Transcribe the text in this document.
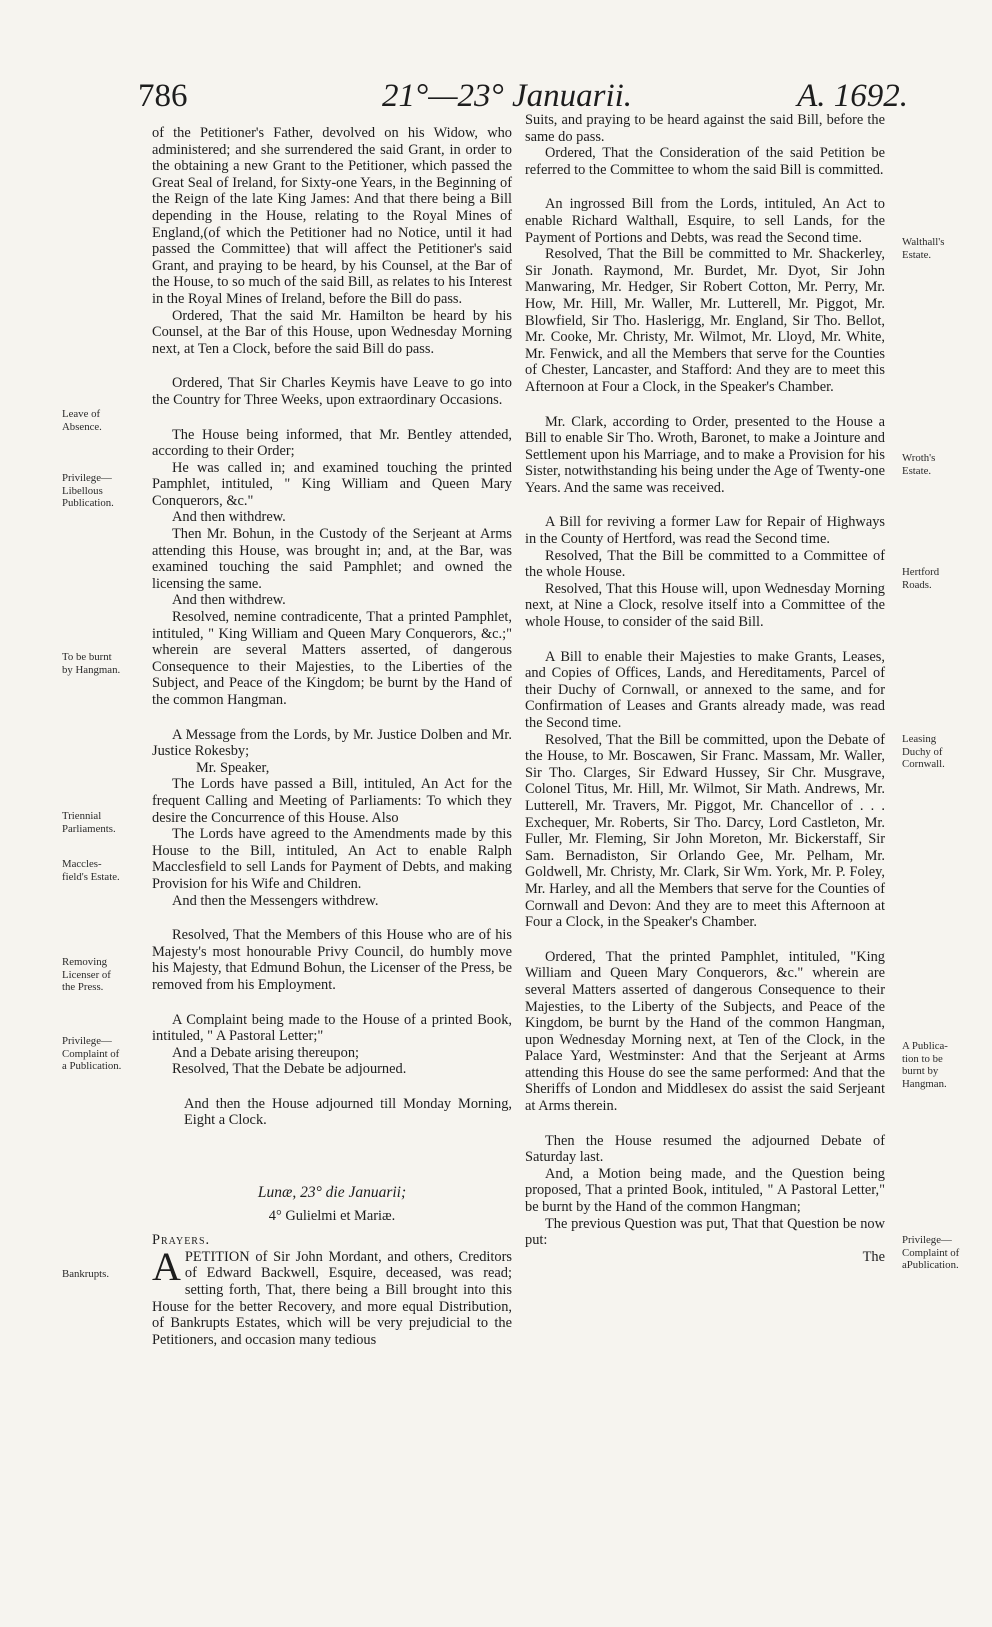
786	21°—23° Januarii.	A. 1692.

of the Petitioner's Father, devolved on his Widow, who administered; and she surrendered the said Grant, in order to the obtaining a new Grant to the Petitioner, which passed the Great Seal of Ireland, for Sixty-one Years, in the Beginning of the Reign of the late King James: And that there being a Bill depending in the House, relating to the Royal Mines of England,(of which the Petitioner had no Notice, until it had passed the Committee) that will affect the Petitioner's said Grant, and praying to be heard, by his Counsel, at the Bar of the House, to so much of the said Bill, as relates to his Interest in the Royal Mines of Ireland, before the Bill do pass.

Ordered, That the said Mr. Hamilton be heard by his Counsel, at the Bar of this House, upon Wednesday Morning next, at Ten a Clock, before the said Bill do pass.

Ordered, That Sir Charles Keymis have Leave to go into the Country for Three Weeks, upon extraordinary Occasions.

The House being informed, that Mr. Bentley attended, according to their Order;

He was called in; and examined touching the printed Pamphlet, intituled, " King William and Queen Mary Conquerors, &c."

And then withdrew.

Then Mr. Bohun, in the Custody of the Serjeant at Arms attending this House, was brought in; and, at the Bar, was examined touching the said Pamphlet; and owned the licensing the same.

And then withdrew.

Resolved, nemine contradicente, That a printed Pamphlet, intituled, " King William and Queen Mary Conquerors, &c.;" wherein are several Matters asserted, of dangerous Consequence to their Majesties, to the Liberties of the Subject, and Peace of the Kingdom; be burnt by the Hand of the common Hangman.

A Message from the Lords, by Mr. Justice Dolben and Mr. Justice Rokesby;

Mr. Speaker,

The Lords have passed a Bill, intituled, An Act for the frequent Calling and Meeting of Parliaments: To which they desire the Concurrence of this House. Also

The Lords have agreed to the Amendments made by this House to the Bill, intituled, An Act to enable Ralph Macclesfield to sell Lands for Payment of Debts, and making Provision for his Wife and Children.

And then the Messengers withdrew.

Resolved, That the Members of this House who are of his Majesty's most honourable Privy Council, do humbly move his Majesty, that Edmund Bohun, the Licenser of the Press, be removed from his Employment.

A Complaint being made to the House of a printed Book, intituled, " A Pastoral Letter;"

And a Debate arising thereupon;

Resolved, That the Debate be adjourned.

And then the House adjourned till Monday Morning, Eight a Clock.

Lunæ, 23° die Januarii;

4° Gulielmi et Mariæ.

Prayers.

APETITION of Sir John Mordant, and others, Creditors of Edward Backwell, Esquire, deceased, was read; setting forth, That, there being a Bill brought into this House for the better Recovery, and more equal Distribution, of Bankrupts Estates, which will be very prejudicial to the Petitioners, and occasion many tedious

Suits, and praying to be heard against the said Bill, before the same do pass.

Ordered, That the Consideration of the said Petition be referred to the Committee to whom the said Bill is committed.

An ingrossed Bill from the Lords, intituled, An Act to enable Richard Walthall, Esquire, to sell Lands, for the Payment of Portions and Debts, was read the Second time.

Resolved, That the Bill be committed to Mr. Shackerley, Sir Jonath. Raymond, Mr. Burdet, Mr. Dyot, Sir John Manwaring, Mr. Hedger, Sir Robert Cotton, Mr. Perry, Mr. How, Mr. Hill, Mr. Waller, Mr. Lutterell, Mr. Piggot, Mr. Blowfield, Sir Tho. Haslerigg, Mr. England, Sir Tho. Bellot, Mr. Cooke, Mr. Christy, Mr. Wilmot, Mr. Lloyd, Mr. White, Mr. Fenwick, and all the Members that serve for the Counties of Chester, Lancaster, and Stafford: And they are to meet this Afternoon at Four a Clock, in the Speaker's Chamber.

Mr. Clark, according to Order, presented to the House a Bill to enable Sir Tho. Wroth, Baronet, to make a Jointure and Settlement upon his Marriage, and to make a Provision for his Sister, notwithstanding his being under the Age of Twenty-one Years. And the same was received.

A Bill for reviving a former Law for Repair of Highways in the County of Hertford, was read the Second time.

Resolved, That the Bill be committed to a Committee of the whole House.

Resolved, That this House will, upon Wednesday Morning next, at Nine a Clock, resolve itself into a Committee of the whole House, to consider of the said Bill.

A Bill to enable their Majesties to make Grants, Leases, and Copies of Offices, Lands, and Hereditaments, Parcel of their Duchy of Cornwall, or annexed to the same, and for Confirmation of Leases and Grants already made, was read the Second time.

Resolved, That the Bill be committed, upon the Debate of the House, to Mr. Boscawen, Sir Franc. Massam, Mr. Waller, Sir Tho. Clarges, Sir Edward Hussey, Sir Chr. Musgrave, Colonel Titus, Mr. Hill, Mr. Wilmot, Sir Math. Andrews, Mr. Lutterell, Mr. Travers, Mr. Piggot, Mr. Chancellor of . . . Exchequer, Mr. Roberts, Sir Tho. Darcy, Lord Castleton, Mr. Fuller, Mr. Fleming, Sir John Moreton, Mr. Bickerstaff, Sir Sam. Bernadiston, Sir Orlando Gee, Mr. Pelham, Mr. Goldwell, Mr. Christy, Mr. Clark, Sir Wm. York, Mr. P. Foley, Mr. Harley, and all the Members that serve for the Counties of Cornwall and Devon: And they are to meet this Afternoon at Four a Clock, in the Speaker's Chamber.

Ordered, That the printed Pamphlet, intituled, "King William and Queen Mary Conquerors, &c." wherein are several Matters asserted of dangerous Consequence to their Majesties, to the Liberty of the Subjects, and Peace of the Kingdom, be burnt by the Hand of the common Hangman, upon Wednesday Morning next, at Ten of the Clock, in the Palace Yard, Westminster: And that the Serjeant at Arms attending this House do see the same performed: And that the Sheriffs of London and Middlesex do assist the said Serjeant at Arms therein.

Then the House resumed the adjourned Debate of Saturday last.

And, a Motion being made, and the Question being proposed, That a printed Book, intituled, " A Pastoral Letter," be burnt by the Hand of the common Hangman;

The previous Question was put, That that Question be now put:

The

Leave of
Absence.
Privilege—
Libellous
Publication.
To be burnt
by Hangman.
Triennial
Parliaments.
Maccles-
field's Estate.
Removing
Licenser of
the Press.
Privilege—
Complaint of
a Publication.
Bankrupts.
Walthall's
Estate.
Wroth's
Estate.
Hertford
Roads.
Leasing
Duchy of
Cornwall.
A Publica-
tion to be
burnt by
Hangman.
Privilege—
Complaint of
aPublication.
